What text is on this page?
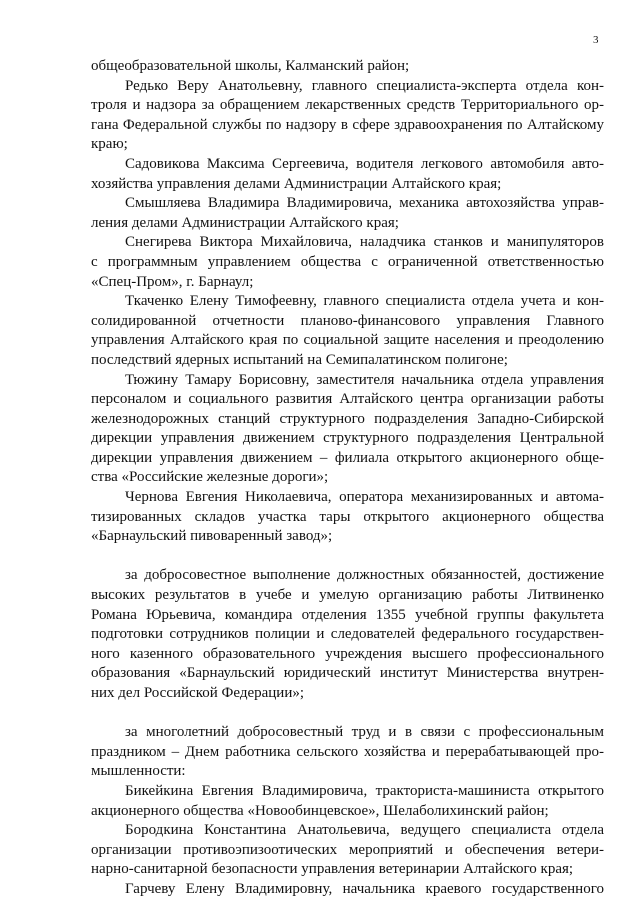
3
общеобразовательной школы, Калманский район;
Редько Веру Анатольевну, главного специалиста-эксперта отдела кон-
троля и надзора за обращением лекарственных средств Территориального ор-
гана Федеральной службы по надзору в сфере здравоохранения по Алтайскому
краю;
Садовикова Максима Сергеевича, водителя легкового автомобиля авто-
хозяйства управления делами Администрации Алтайского края;
Смышляева Владимира Владимировича, механика автохозяйства управ-
ления делами Администрации Алтайского края;
Снегирева Виктора Михайловича, наладчика станков и манипуляторов
с программным управлением общества с ограниченной ответственностью
«Спец-Пром», г. Барнаул;
Ткаченко Елену Тимофеевну, главного специалиста отдела учета и кон-
солидированной отчетности планово-финансового управления Главного
управления Алтайского края по социальной защите населения и преодолению
последствий ядерных испытаний на Семипалатинском полигоне;
Тюжину Тамару Борисовну, заместителя начальника отдела управления
персоналом и социального развития Алтайского центра организации работы
железнодорожных станций структурного подразделения Западно-Сибирской
дирекции управления движением структурного подразделения Центральной
дирекции управления движением – филиала открытого акционерного обще-
ства «Российские железные дороги»;
Чернова Евгения Николаевича, оператора механизированных и автома-
тизированных складов участка тары открытого акционерного общества
«Барнаульский пивоваренный завод»;
за добросовестное выполнение должностных обязанностей, достижение
высоких результатов в учебе и умелую организацию работы Литвиненко
Романа Юрьевича, командира отделения 1355 учебной группы факультета
подготовки сотрудников полиции и следователей федерального государствен-
ного казенного образовательного учреждения высшего профессионального
образования «Барнаульский юридический институт Министерства внутрен-
них дел Российской Федерации»;
за многолетний добросовестный труд и в связи с профессиональным
праздником – Днем работника сельского хозяйства и перерабатывающей про-
мышленности:
Бикейкина Евгения Владимировича, тракториста-машиниста открытого
акционерного общества «Новообинцевское», Шелаболихинский район;
Бородкина Константина Анатольевича, ведущего специалиста отдела
организации противоэпизоотических мероприятий и обеспечения ветери-
нарно-санитарной безопасности управления ветеринарии Алтайского края;
Гарчеву Елену Владимировну, начальника краевого государственного
